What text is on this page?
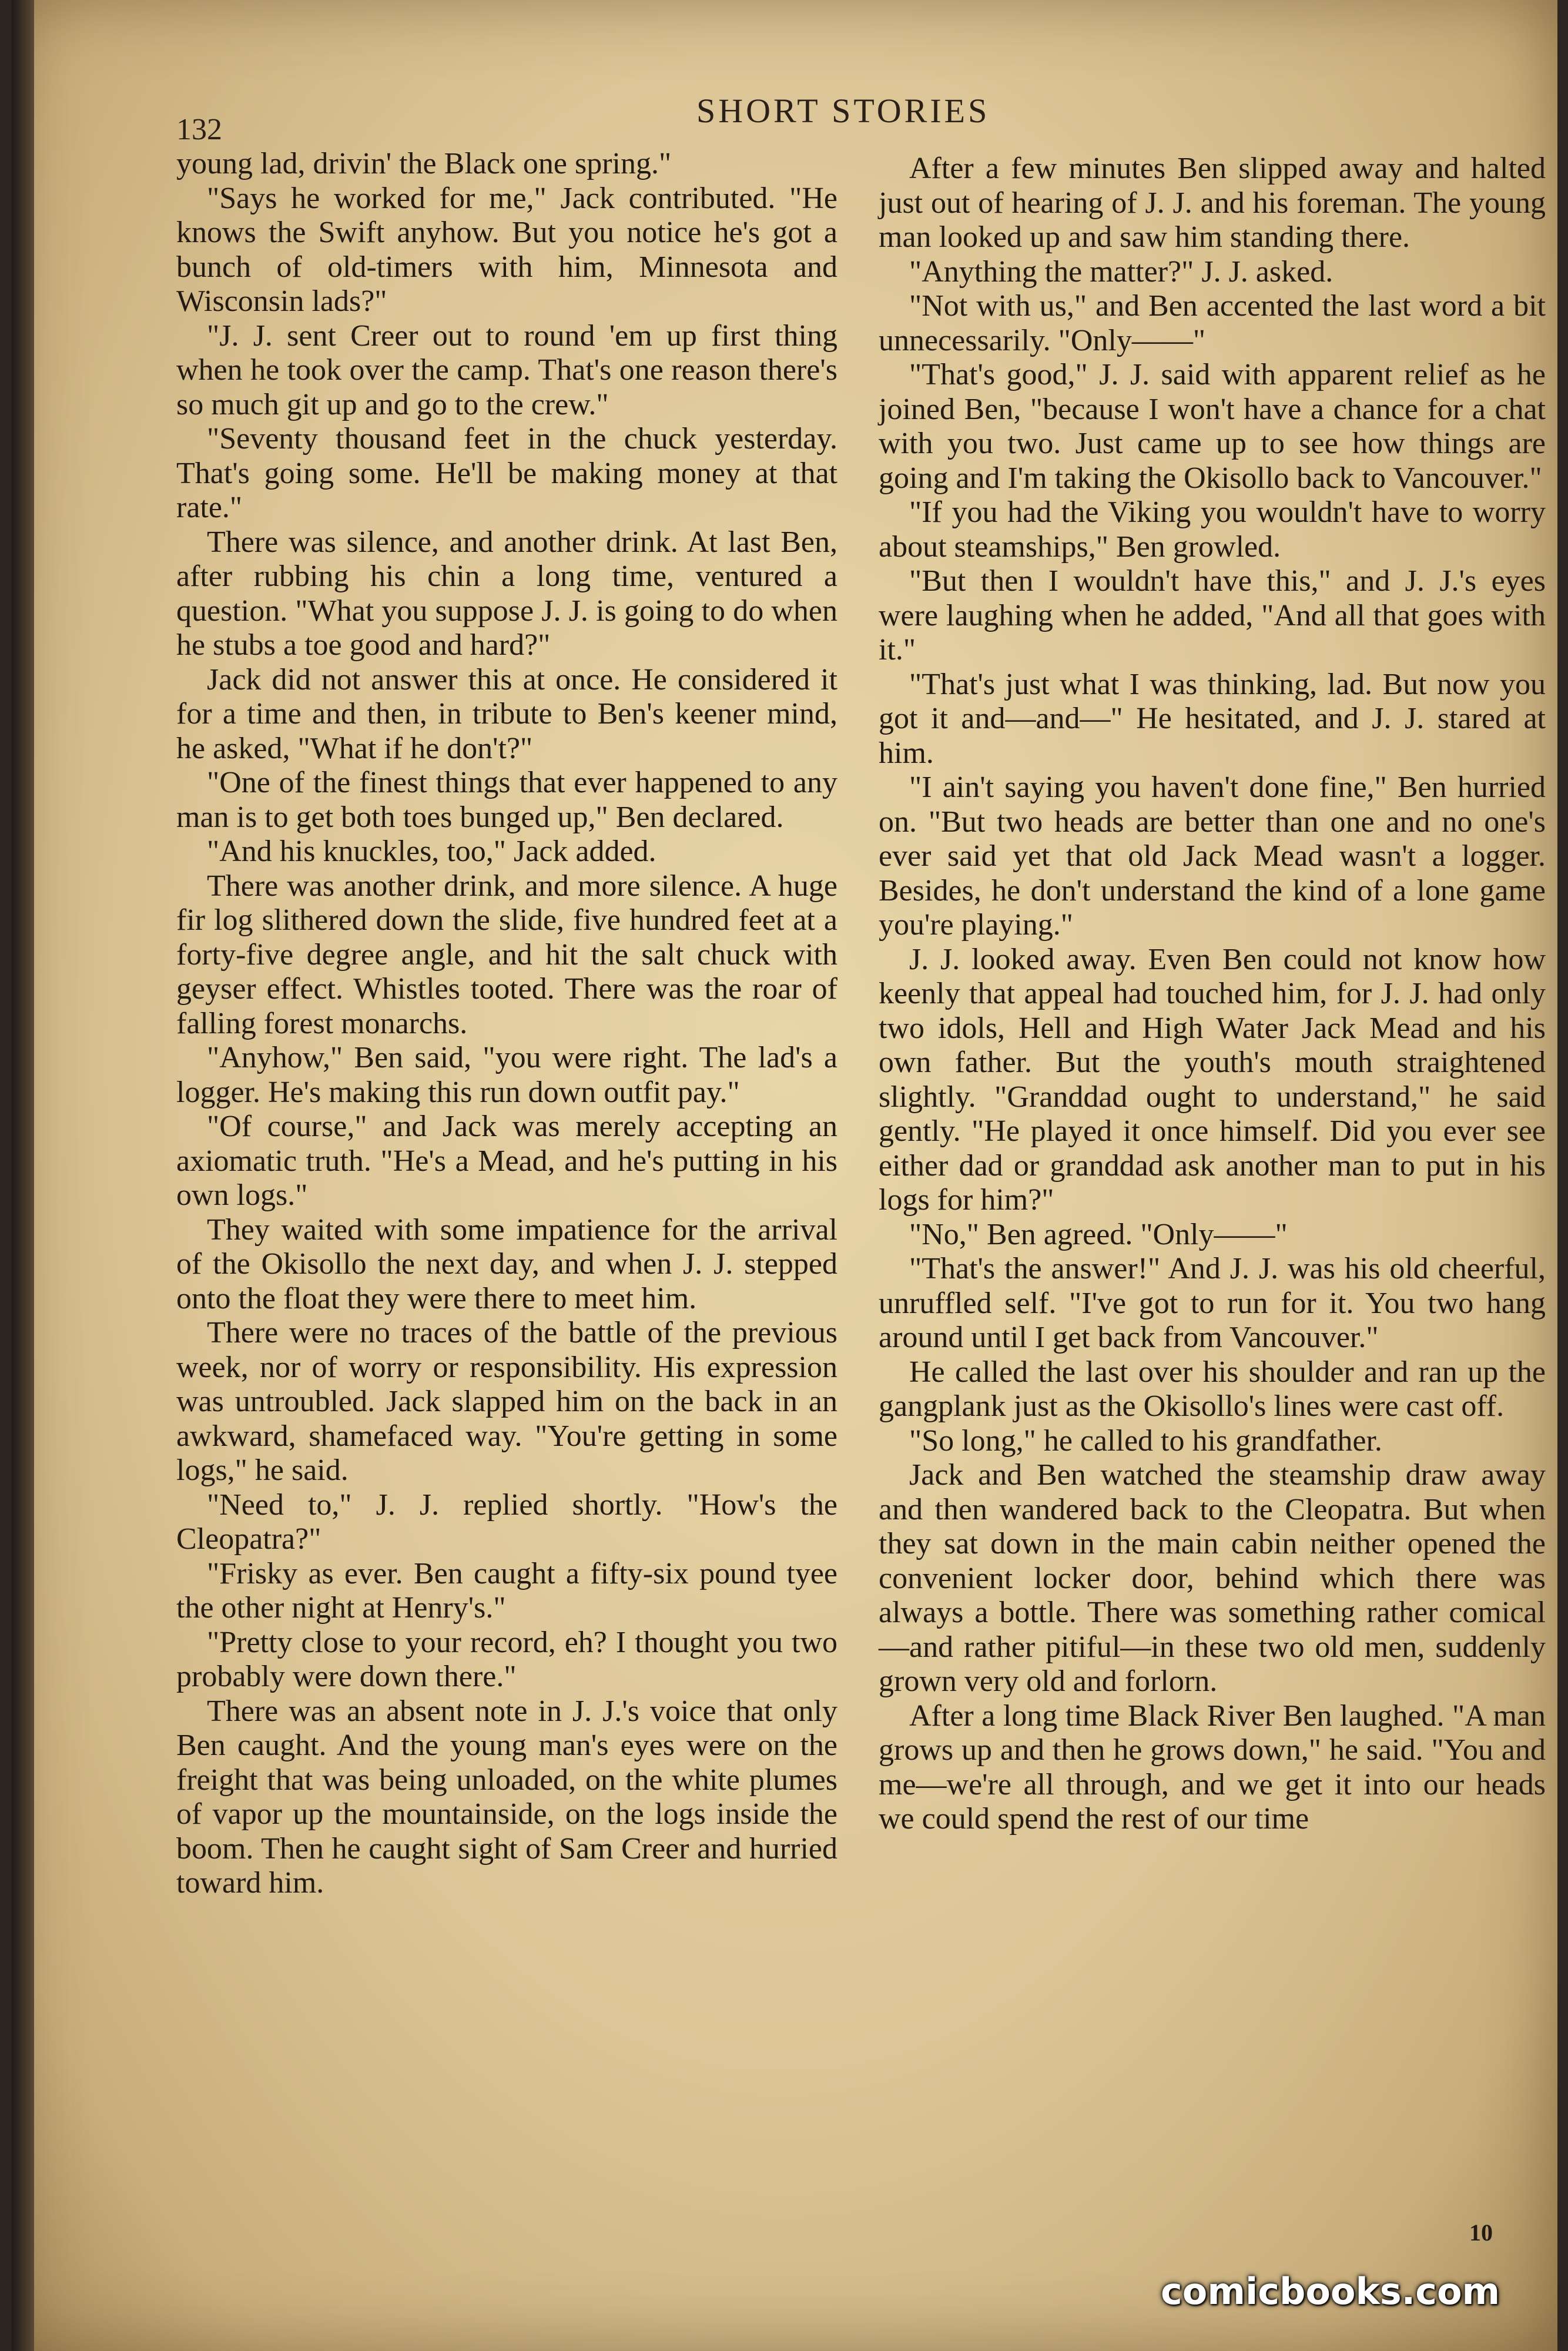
132	SHORT STORIES

young lad, drivin' the Black one spring."

"Says he worked for me," Jack contributed. "He knows the Swift anyhow. But you notice he's got a bunch of old-timers with him, Minnesota and Wisconsin lads?"

"J. J. sent Creer out to round 'em up first thing when he took over the camp. That's one reason there's so much git up and go to the crew."

"Seventy thousand feet in the chuck yesterday. That's going some. He'll be making money at that rate."

There was silence, and another drink. At last Ben, after rubbing his chin a long time, ventured a question. "What you suppose J. J. is going to do when he stubs a toe good and hard?"

Jack did not answer this at once. He considered it for a time and then, in tribute to Ben's keener mind, he asked, "What if he don't?"

"One of the finest things that ever happened to any man is to get both toes bunged up," Ben declared.

"And his knuckles, too," Jack added.

There was another drink, and more silence. A huge fir log slithered down the slide, five hundred feet at a forty-five degree angle, and hit the salt chuck with geyser effect. Whistles tooted. There was the roar of falling forest monarchs.

"Anyhow," Ben said, "you were right. The lad's a logger. He's making this run down outfit pay."

"Of course," and Jack was merely accepting an axiomatic truth. "He's a Mead, and he's putting in his own logs."

They waited with some impatience for the arrival of the Okisollo the next day, and when J. J. stepped onto the float they were there to meet him.

There were no traces of the battle of the previous week, nor of worry or responsibility. His expression was untroubled. Jack slapped him on the back in an awkward, shamefaced way. "You're getting in some logs," he said.

"Need to," J. J. replied shortly. "How's the Cleopatra?"

"Frisky as ever. Ben caught a fifty-six pound tyee the other night at Henry's."

"Pretty close to your record, eh? I thought you two probably were down there."

There was an absent note in J. J.'s voice that only Ben caught. And the young man's eyes were on the freight that was being unloaded, on the white plumes of vapor up the mountainside, on the logs inside the boom. Then he caught sight of Sam Creer and hurried toward him.

After a few minutes Ben slipped away and halted just out of hearing of J. J. and his foreman. The young man looked up and saw him standing there.

"Anything the matter?" J. J. asked.

"Not with us," and Ben accented the last word a bit unnecessarily. "Only——"

"That's good," J. J. said with apparent relief as he joined Ben, "because I won't have a chance for a chat with you two. Just came up to see how things are going and I'm taking the Okisollo back to Vancouver."

"If you had the Viking you wouldn't have to worry about steamships," Ben growled.

"But then I wouldn't have this," and J. J.'s eyes were laughing when he added, "And all that goes with it."

"That's just what I was thinking, lad. But now you got it and—and—" He hesitated, and J. J. stared at him.

"I ain't saying you haven't done fine," Ben hurried on. "But two heads are better than one and no one's ever said yet that old Jack Mead wasn't a logger. Besides, he don't understand the kind of a lone game you're playing."

J. J. looked away. Even Ben could not know how keenly that appeal had touched him, for J. J. had only two idols, Hell and High Water Jack Mead and his own father. But the youth's mouth straightened slightly. "Granddad ought to understand," he said gently. "He played it once himself. Did you ever see either dad or granddad ask another man to put in his logs for him?"

"No," Ben agreed. "Only——"

"That's the answer!" And J. J. was his old cheerful, unruffled self. "I've got to run for it. You two hang around until I get back from Vancouver."

He called the last over his shoulder and ran up the gangplank just as the Okisollo's lines were cast off.

"So long," he called to his grandfather.

Jack and Ben watched the steamship draw away and then wandered back to the Cleopatra. But when they sat down in the main cabin neither opened the convenient locker door, behind which there was always a bottle. There was something rather comical—and rather pitiful—in these two old men, suddenly grown very old and forlorn.

After a long time Black River Ben laughed. "A man grows up and then he grows down," he said. "You and me—we're all through, and we get it into our heads we could spend the rest of our time

10
comicbooks.com
